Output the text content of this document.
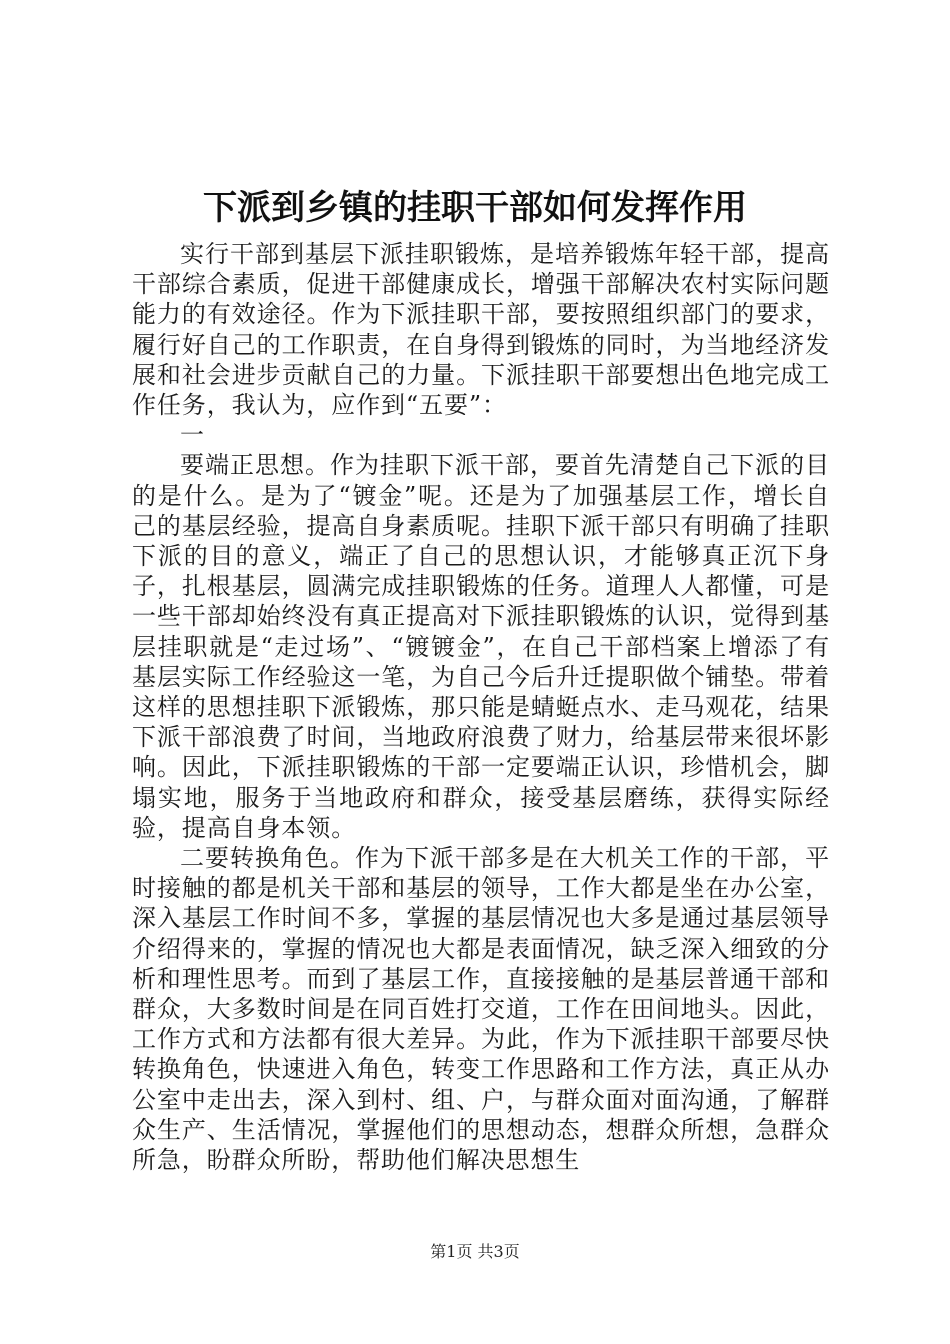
下派到乡镇的挂职干部如何发挥作用

实行干部到基层下派挂职锻炼，是培养锻炼年轻干部，提高干部综合素质，促进干部健康成长，增强干部解决农村实际问题能力的有效途径。作为下派挂职干部，要按照组织部门的要求，履行好自己的工作职责，在自身得到锻炼的同时，为当地经济发展和社会进步贡献自己的力量。下派挂职干部要想出色地完成工作任务，我认为，应作到“五要”：

一

要端正思想。作为挂职下派干部，要首先清楚自己下派的目的是什么。是为了“镀金”呢。还是为了加强基层工作，增长自己的基层经验，提高自身素质呢。挂职下派干部只有明确了挂职下派的目的意义，端正了自己的思想认识，才能够真正沉下身子，扎根基层，圆满完成挂职锻炼的任务。道理人人都懂，可是一些干部却始终没有真正提高对下派挂职锻炼的认识，觉得到基层挂职就是“走过场”、“镀镀金”，在自己干部档案上增添了有基层实际工作经验这一笔，为自己今后升迁提职做个铺垫。带着这样的思想挂职下派锻炼，那只能是蜻蜓点水、走马观花，结果下派干部浪费了时间，当地政府浪费了财力，给基层带来很坏影响。因此，下派挂职锻炼的干部一定要端正认识，珍惜机会，脚塌实地，服务于当地政府和群众，接受基层磨练，获得实际经验，提高自身本领。

二要转换角色。作为下派干部多是在大机关工作的干部，平时接触的都是机关干部和基层的领导，工作大都是坐在办公室，深入基层工作时间不多，掌握的基层情况也大多是通过基层领导介绍得来的，掌握的情况也大都是表面情况，缺乏深入细致的分析和理性思考。而到了基层工作，直接接触的是基层普通干部和群众，大多数时间是在同百姓打交道，工作在田间地头。因此，工作方式和方法都有很大差异。为此，作为下派挂职干部要尽快转换角色，快速进入角色，转变工作思路和工作方法，真正从办公室中走出去，深入到村、组、户，与群众面对面沟通，了解群众生产、生活情况，掌握他们的思想动态，想群众所想，急群众所急，盼群众所盼，帮助他们解决思想生

第1页 共3页
